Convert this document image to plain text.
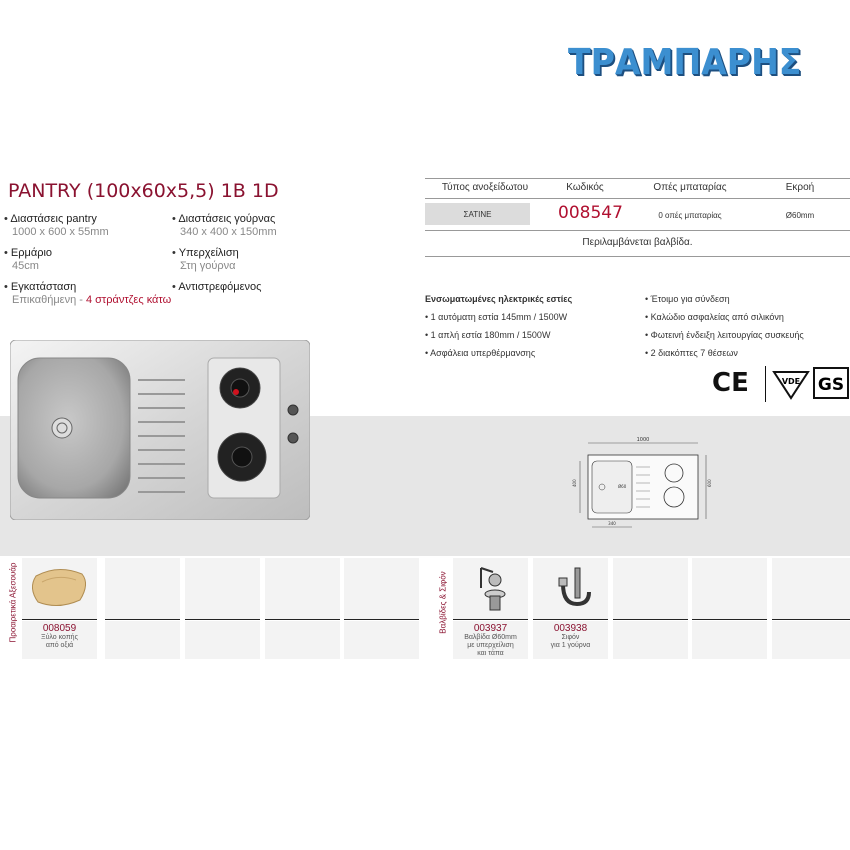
ΤΡΑΜΠΑΡΗΣ
PANTRY (100x60x5,5) 1B 1D
• Διαστάσεις pantry
1000 x 600 x 55mm
• Ερμάριο
45cm
• Εγκατάσταση
Επικαθήμενη - 4 στράντζες κάτω
• Διαστάσεις γούρνας
340 x 400 x 150mm
• Υπερχείλιση
Στη γούρνα
• Αντιστρεφόμενος
Τύπος ανοξείδωτου	Κωδικός	Οπές μπαταρίας	Εκροή
ΣΑΤΙΝΕ	008547	0 οπές μπαταρίας	Ø60mm
Περιλαμβάνεται βαλβίδα.
Ενσωματωμένες ηλεκτρικές εστίες
• 1 αυτόματη εστία 145mm / 1500W
• 1 απλή εστία 180mm / 1500W
• Ασφάλεια υπερθέρμανσης
• Έτοιμο για σύνδεση
• Καλώδιο ασφαλείας από σιλικόνη
• Φωτεινή ένδειξη λειτουργίας συσκευής
• 2 διακόπτες 7 θέσεων
CE	VDE GS
1000
Ø60
400	600
340
Προαιρετικά Αξεσουάρ	Βαλβίδες & Σιφόν
008059
Ξύλο κοπής
από οξιά
003937
Βαλβίδα Ø60mm
με υπερχείλιση
και τάπα
003938
Σιφόν
για 1 γούρνα
